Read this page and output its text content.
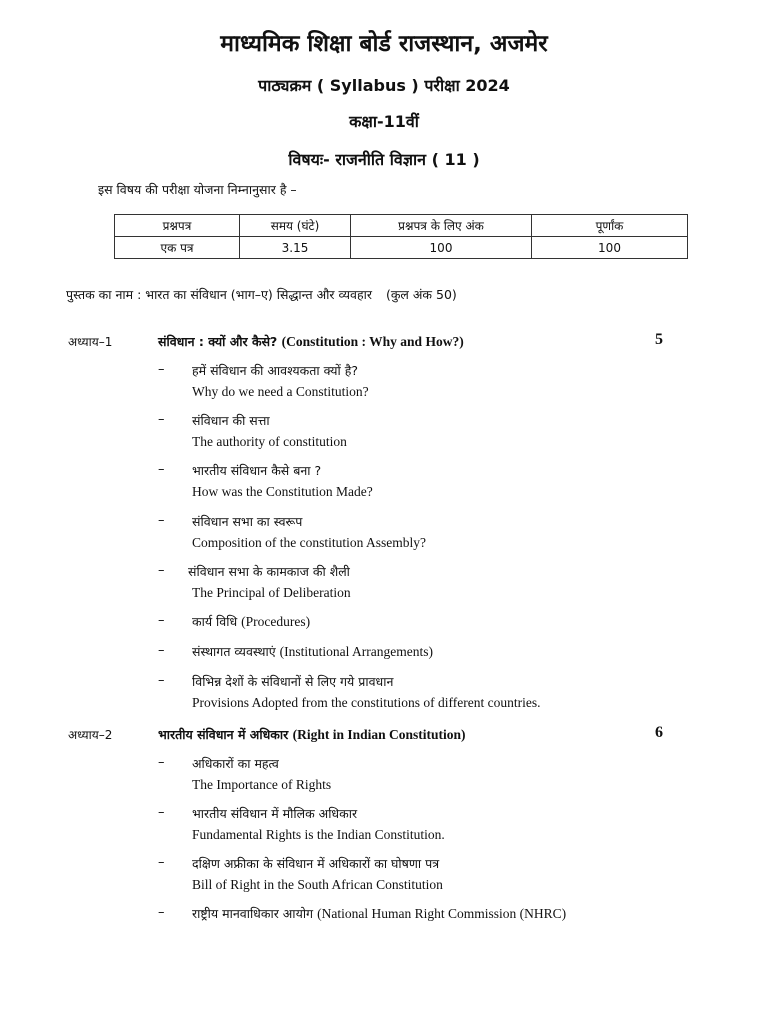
माध्यमिक शिक्षा बोर्ड राजस्थान, अजमेर
पाठ्यक्रम ( Syllabus ) परीक्षा 2024
कक्षा-11वीं
विषयः- राजनीति विज्ञान ( 11 )
इस विषय की परीक्षा योजना निम्नानुसार है –
प्रश्नपत्र	समय (घंटे)	प्रश्नपत्र के लिए अंक	पूर्णांक
एक पत्र	3.15	100	100
पुस्तक का नाम : भारत का संविधान (भाग–ए) सिद्धान्त और व्यवहार (कुल अंक 50)
अध्याय–1	संविधान : क्यों और कैसे? (Constitution : Why and How?)	5
– हमें संविधान की आवश्यकता क्यों है?
Why do we need a Constitution?
– संविधान की सत्ता
The authority of constitution
– भारतीय संविधान कैसे बना ?
How was the Constitution Made?
– संविधान सभा का स्वरूप
Composition of the constitution Assembly?
– संविधान सभा के कामकाज की शैली
The Principal of Deliberation
– कार्य विधि (Procedures)
– संस्थागत व्यवस्थाएं (Institutional Arrangements)
– विभिन्न देशों के संविधानों से लिए गये प्रावधान
Provisions Adopted from the constitutions of different countries.
अध्याय–2	भारतीय संविधान में अधिकार (Right in Indian Constitution)	6
– अधिकारों का महत्व
The Importance of Rights
– भारतीय संविधान में मौलिक अधिकार
Fundamental Rights is the Indian Constitution.
– दक्षिण अफ्रीका के संविधान में अधिकारों का घोषणा पत्र
Bill of Right in the South African Constitution
– राष्ट्रीय मानवाधिकार आयोग (National Human Right Commission (NHRC)
